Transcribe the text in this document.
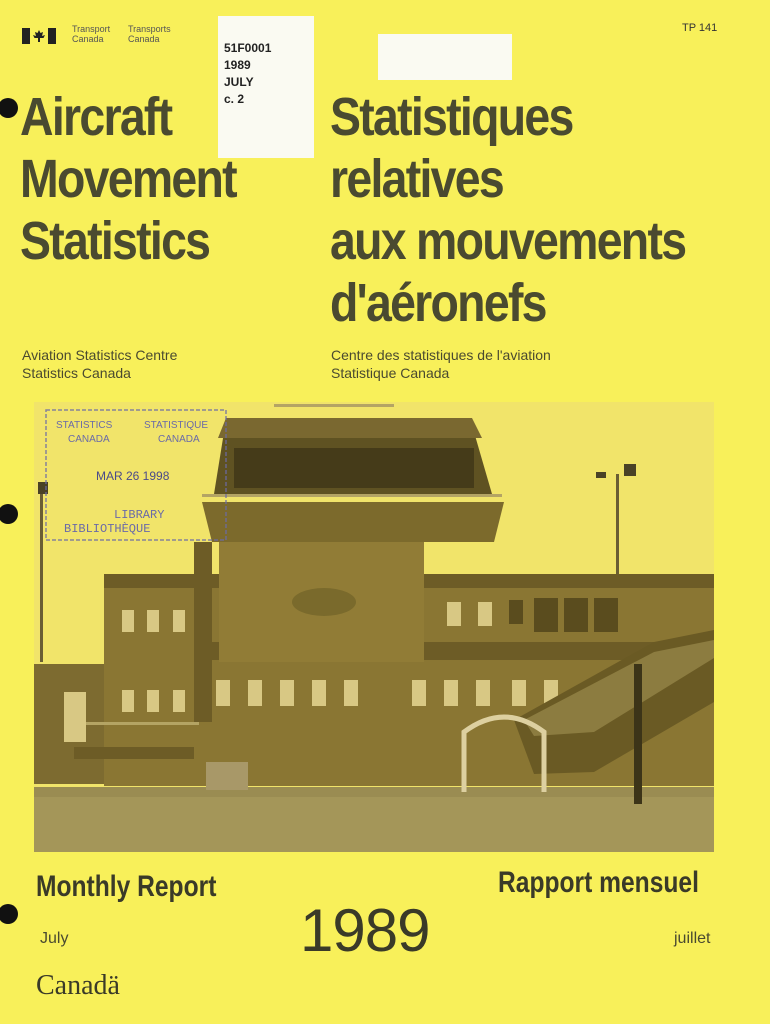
Transport
Canada
Transports
Canada
TP 141
51F0001
1989
JULY
c. 2
Aircraft
Movement
Statistics
Statistiques
relatives
aux mouvements
d'aéronefs
Aviation Statistics Centre
Statistics Canada
Centre des statistiques de l'aviation
Statistique Canada
STATISTICS	STATISTIQUE
CANADA	CANADA
MAR 26 1998
LIBRARY
BIBLIOTHÈQUE
Monthly Report	Rapport mensuel
July	juillet
1989
Canadä
